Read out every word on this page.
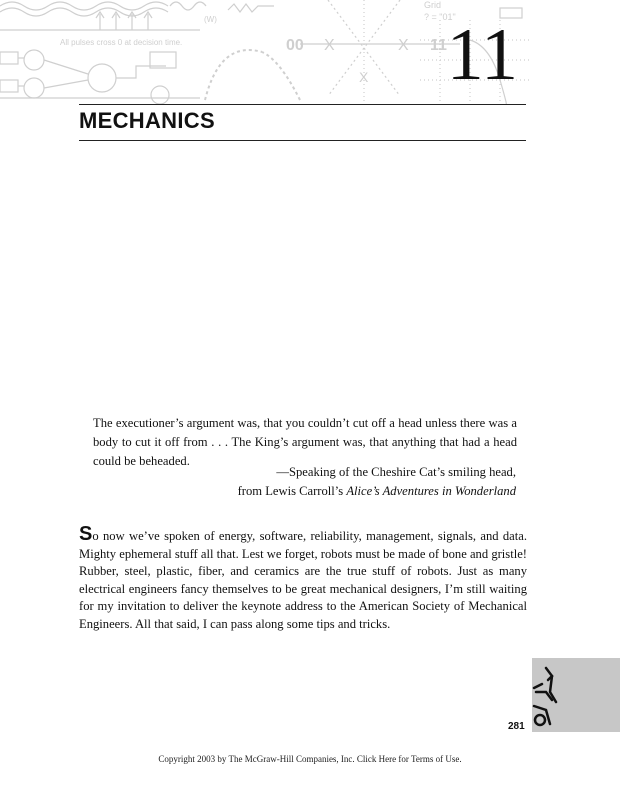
All pulses cross 0 at decision time.
(W)
Grid
? = "01"
00	11
X	X
X 11
MECHANICS

The executioner’s argument was, that you couldn’t cut off a head unless there was a body to cut it off from . . . The King’s argument was, that anything that had a head could be beheaded.

—Speaking of the Cheshire Cat’s smiling head,
from Lewis Carroll’s Alice’s Adventures in Wonderland

So now we’ve spoken of energy, software, reliability, management, signals, and data. Mighty ephemeral stuff all that. Lest we forget, robots must be made of bone and gristle! Rubber, steel, plastic, fiber, and ceramics are the true stuff of robots. Just as many electrical engineers fancy themselves to be great mechanical designers, I’m still waiting for my invitation to deliver the keynote address to the American Society of Mechanical Engineers. All that said, I can pass along some tips and tricks.

281
Copyright 2003 by The McGraw-Hill Companies, Inc. Click Here for Terms of Use.
